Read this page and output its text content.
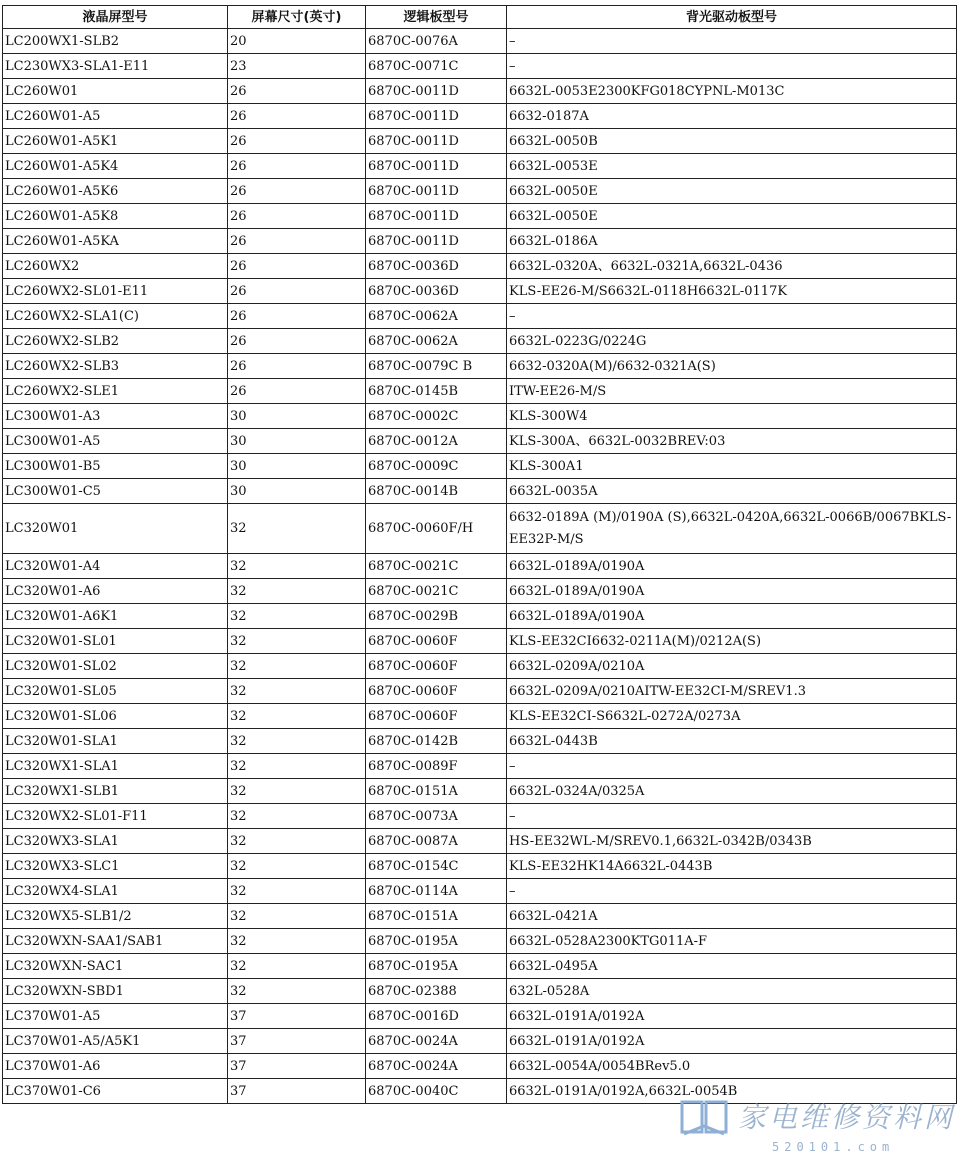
液晶屏型号	屏幕尺寸(英寸)	逻辑板型号	背光驱动板型号
LC200WX1-SLB2	20	6870C-0076A	–
LC230WX3-SLA1-E11	23	6870C-0071C	–
LC260W01	26	6870C-0011D	6632L-0053E2300KFG018CYPNL-M013C
LC260W01-A5	26	6870C-0011D	6632-0187A
LC260W01-A5K1	26	6870C-0011D	6632L-0050B
LC260W01-A5K4	26	6870C-0011D	6632L-0053E
LC260W01-A5K6	26	6870C-0011D	6632L-0050E
LC260W01-A5K8	26	6870C-0011D	6632L-0050E
LC260W01-A5KA	26	6870C-0011D	6632L-0186A
LC260WX2	26	6870C-0036D	6632L-0320A、6632L-0321A,6632L-0436
LC260WX2-SL01-E11	26	6870C-0036D	KLS-EE26-M/S6632L-0118H6632L-0117K
LC260WX2-SLA1(C)	26	6870C-0062A	–
LC260WX2-SLB2	26	6870C-0062A	6632L-0223G/0224G
LC260WX2-SLB3	26	6870C-0079C B	6632-0320A(M)/6632-0321A(S)
LC260WX2-SLE1	26	6870C-0145B	ITW-EE26-M/S
LC300W01-A3	30	6870C-0002C	KLS-300W4
LC300W01-A5	30	6870C-0012A	KLS-300A、6632L-0032BREV:03
LC300W01-B5	30	6870C-0009C	KLS-300A1
LC300W01-C5	30	6870C-0014B	6632L-0035A
LC320W01	32	6870C-0060F/H	6632-0189A (M)/0190A (S),6632L-0420A,6632L-0066B/0067BKLS-EE32P-M/S
LC320W01-A4	32	6870C-0021C	6632L-0189A/0190A
LC320W01-A6	32	6870C-0021C	6632L-0189A/0190A
LC320W01-A6K1	32	6870C-0029B	6632L-0189A/0190A
LC320W01-SL01	32	6870C-0060F	KLS-EE32CI6632-0211A(M)/0212A(S)
LC320W01-SL02	32	6870C-0060F	6632L-0209A/0210A
LC320W01-SL05	32	6870C-0060F	6632L-0209A/0210AITW-EE32CI-M/SREV1.3
LC320W01-SL06	32	6870C-0060F	KLS-EE32CI-S6632L-0272A/0273A
LC320W01-SLA1	32	6870C-0142B	6632L-0443B
LC320WX1-SLA1	32	6870C-0089F	–
LC320WX1-SLB1	32	6870C-0151A	6632L-0324A/0325A
LC320WX2-SL01-F11	32	6870C-0073A	–
LC320WX3-SLA1	32	6870C-0087A	HS-EE32WL-M/SREV0.1,6632L-0342B/0343B
LC320WX3-SLC1	32	6870C-0154C	KLS-EE32HK14A6632L-0443B
LC320WX4-SLA1	32	6870C-0114A	–
LC320WX5-SLB1/2	32	6870C-0151A	6632L-0421A
LC320WXN-SAA1/SAB1	32	6870C-0195A	6632L-0528A2300KTG011A-F
LC320WXN-SAC1	32	6870C-0195A	6632L-0495A
LC320WXN-SBD1	32	6870C-02388	632L-0528A
LC370W01-A5	37	6870C-0016D	6632L-0191A/0192A
LC370W01-A5/A5K1	37	6870C-0024A	6632L-0191A/0192A
LC370W01-A6	37	6870C-0024A	6632L-0054A/0054BRev5.0
LC370W01-C6	37	6870C-0040C	6632L-0191A/0192A,6632L-0054B
家电维修资料网
520101.com
